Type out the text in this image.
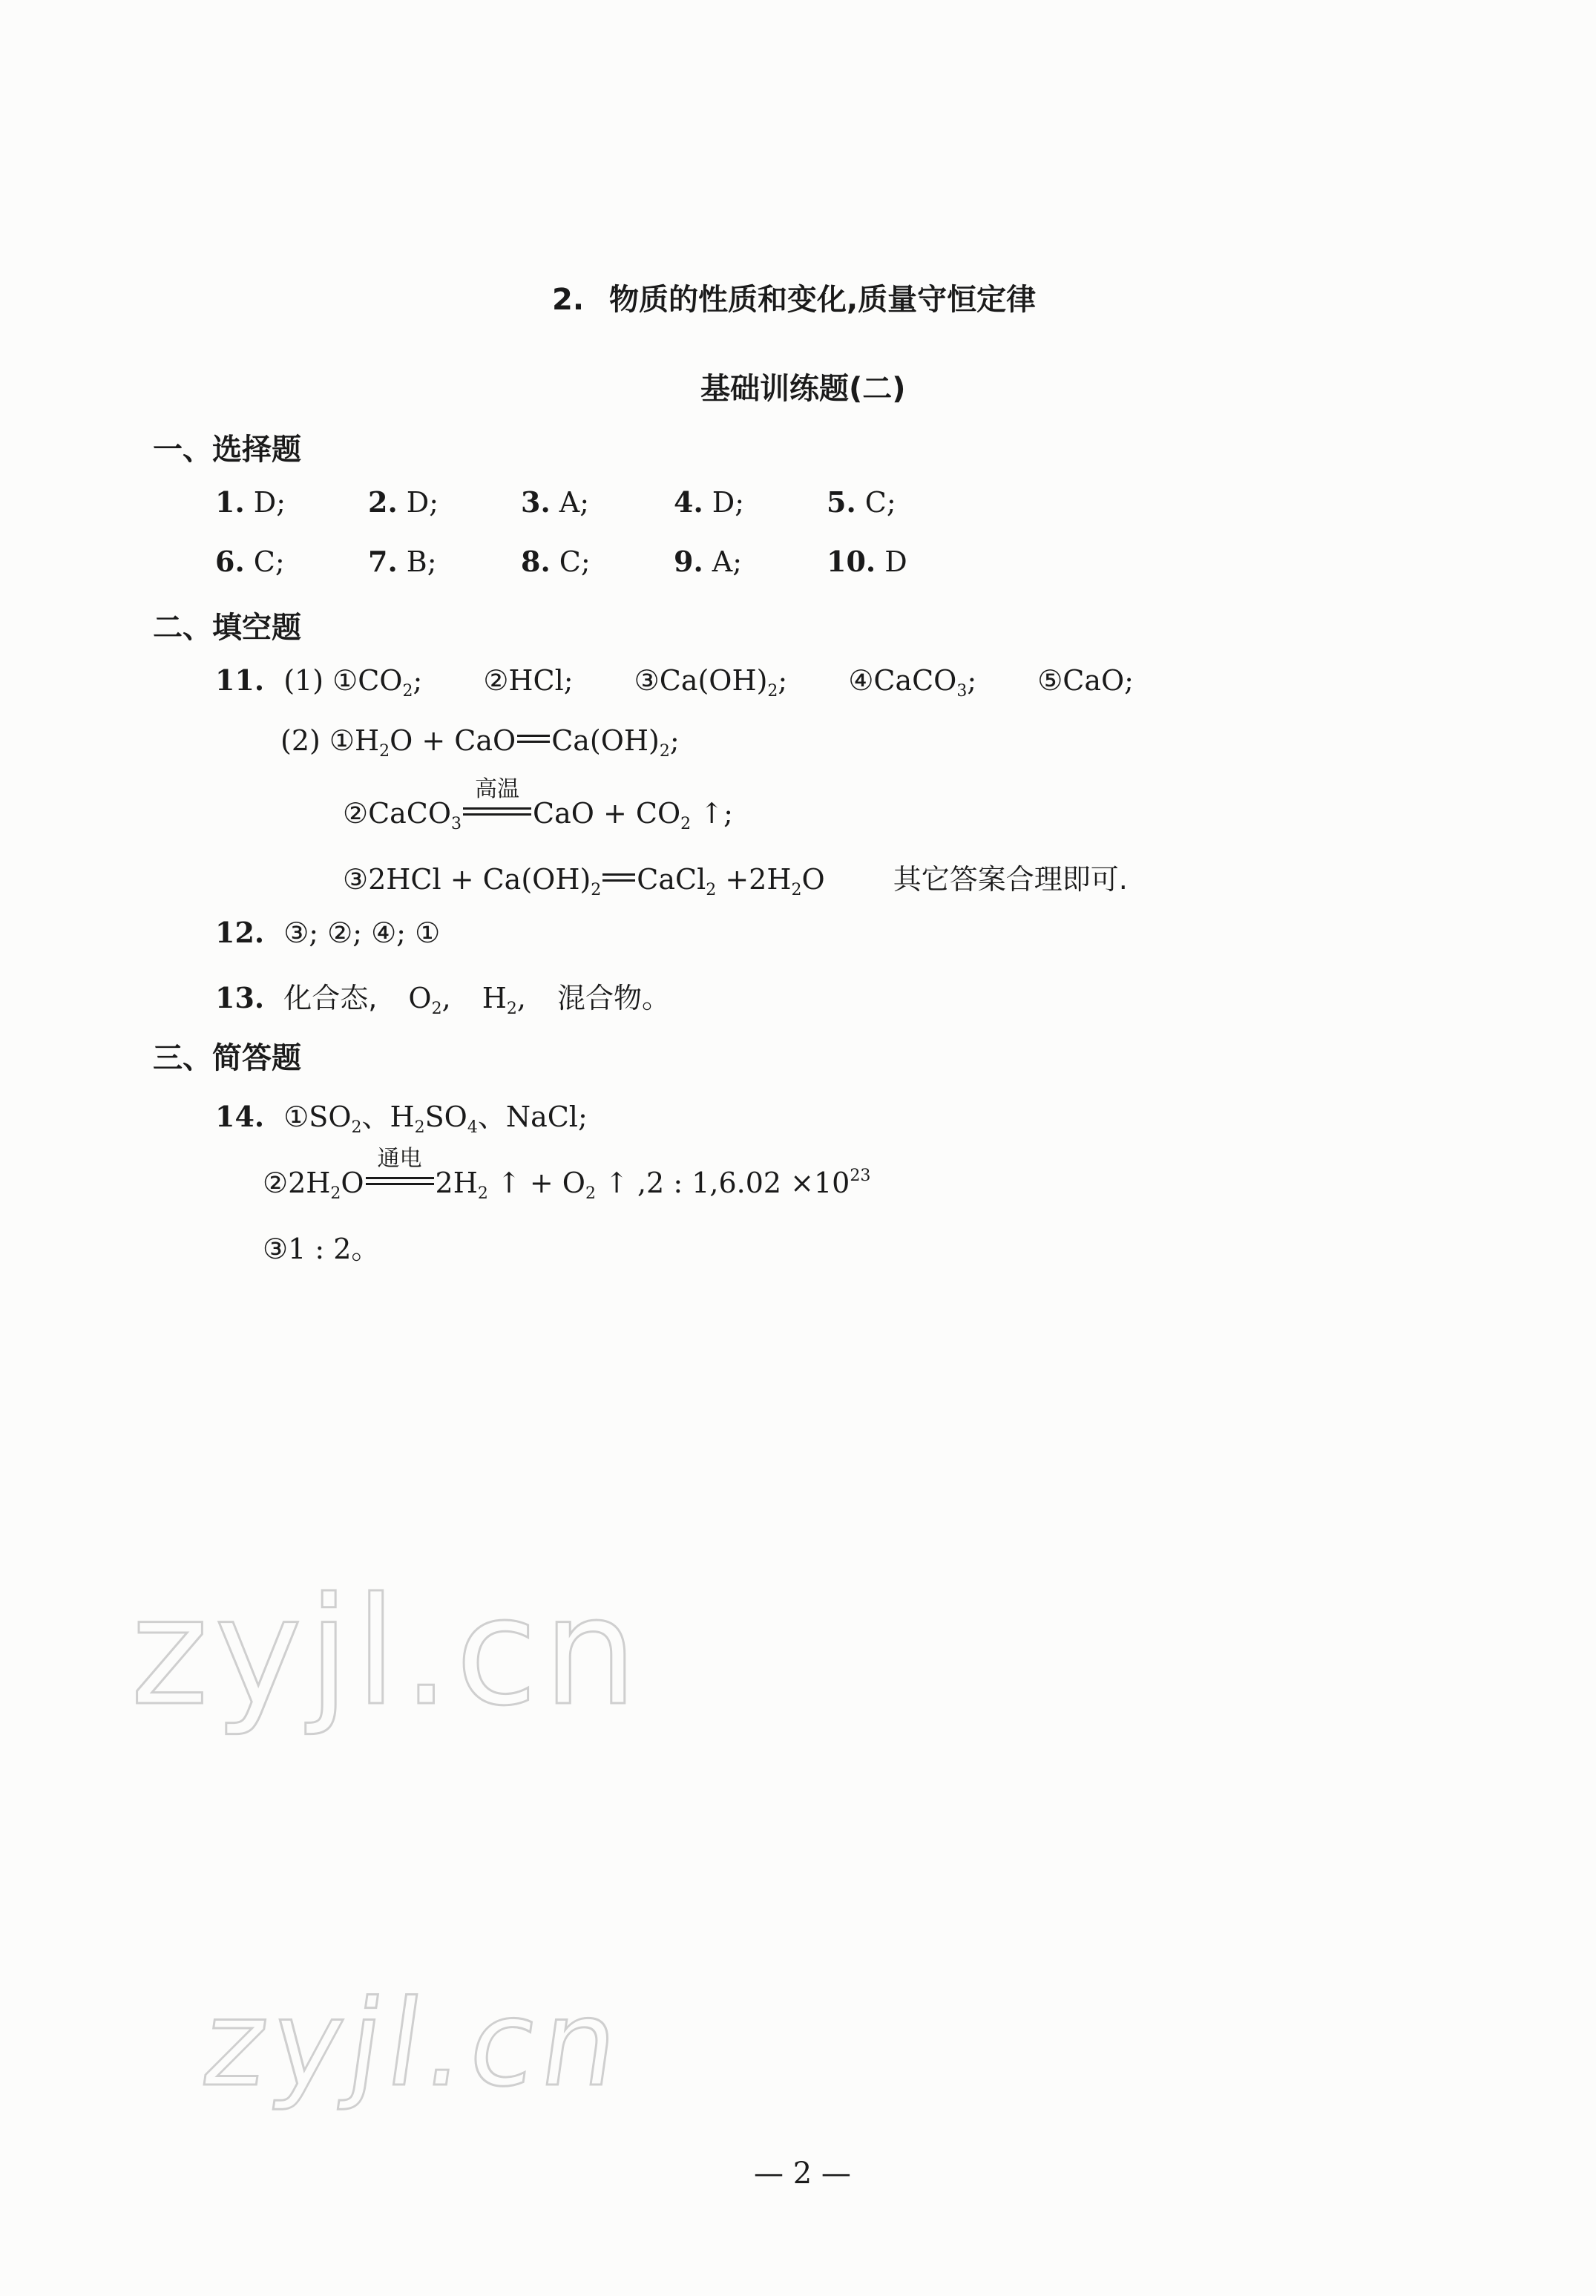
2. 物质的性质和变化,质量守恒定律
基础训练题(二)
一、选择题
1. D;	2. D;	3. A;	4. D;	5. C;
6. C;	7. B;	8. C;	9. A;	10. D
二、填空题
11. (1) $①CO_2$; ②HCl; $③Ca(OH)_2$; ④CaCO$_3$; ⑤CaO;
(2) $①H_2O$ + CaO $Ca(OH)_2$;
②CaCO$_3$
高温
CaO + $CO_2$ ↑;
③2HCl + $Ca(OH)_2$ CaCl$_2$ $+2H_2O$ 其它答案合理即可.
12. ③; ②; ④; ①
13. 化合态, $O_2$, $H_2$, 混合物。
三、简答题
14. $①SO_2$、$H_2SO_4$、NaCl;
$②2H_2O$
通电
$2H_2$ ↑ + $O_2$ ↑ ,2 : $1,6.02 \times 10^{23}$
③1 : 2。
zyjl.cn
zyjl.cn
— 2 —
